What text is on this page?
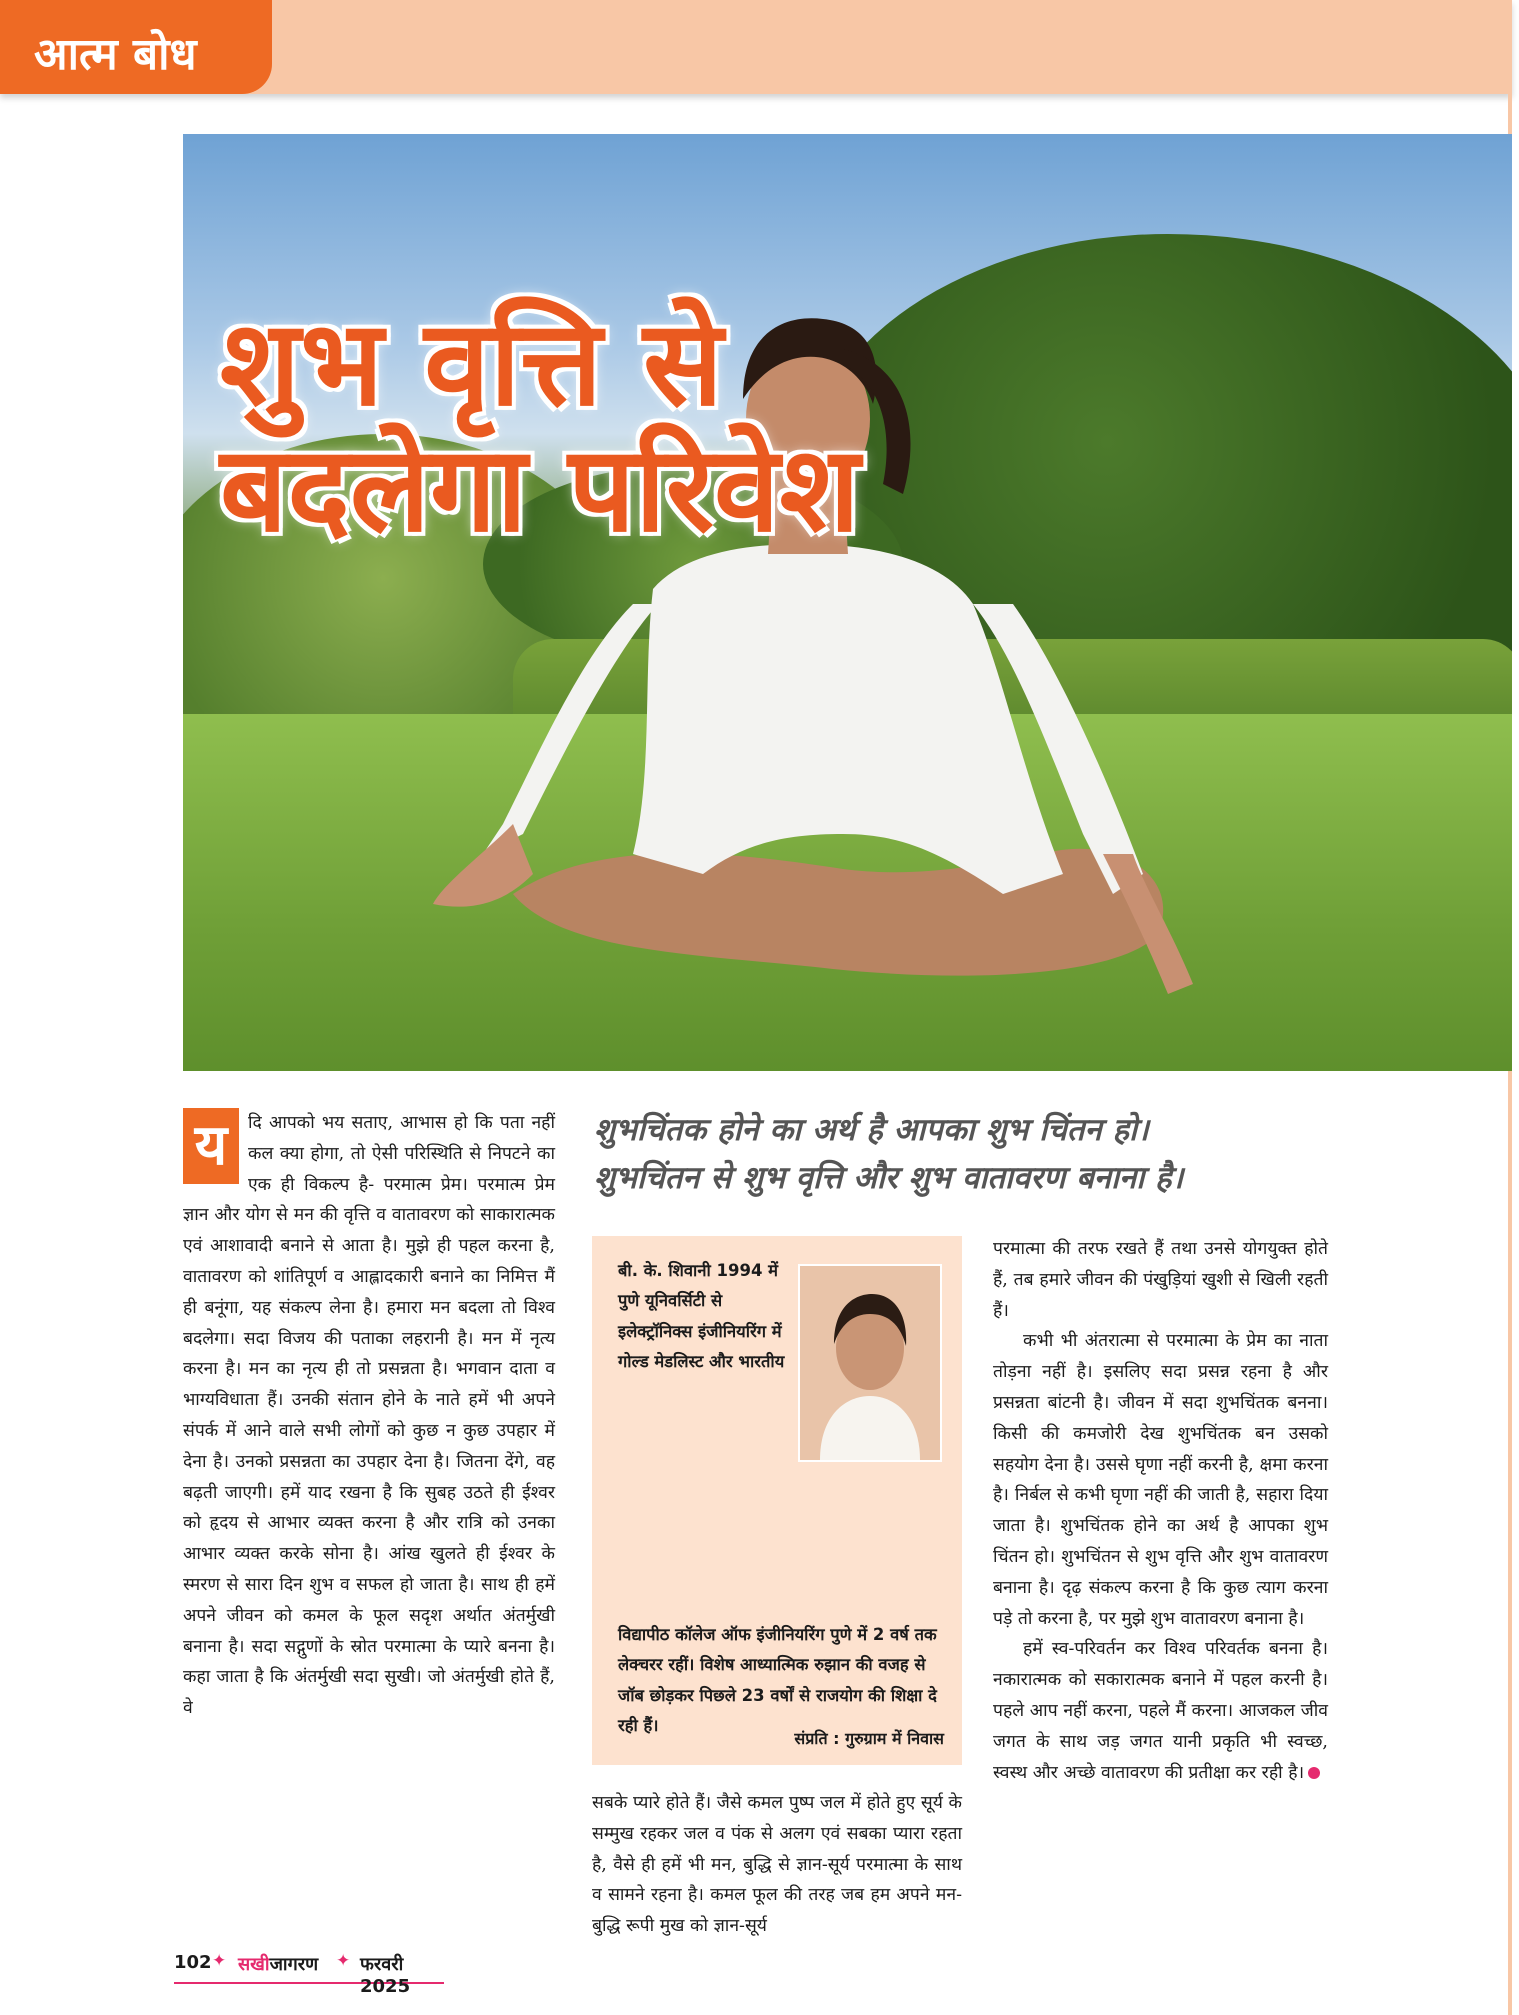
आत्म बोध
शुभ वृत्ति से
बदलेगा परिवेश
य	दि आपको भय सताए, आभास हो कि पता नहीं कल क्या होगा, तो ऐसी परिस्थिति से निपटने का एक ही विकल्प है- परमात्म प्रेम। परमात्म प्रेम ज्ञान और योग से मन की वृत्ति व वातावरण को साकारात्मक एवं आशावादी बनाने से आता है। मुझे ही पहल करना है, वातावरण को शांतिपूर्ण व आह्लादकारी बनाने का निमित्त मैं ही बनूंगा, यह संकल्प लेना है। हमारा मन बदला तो विश्व बदलेगा। सदा विजय की पताका लहरानी है। मन में नृत्य करना है। मन का नृत्य ही तो प्रसन्नता है। भगवान दाता व भाग्यविधाता हैं। उनकी संतान होने के नाते हमें भी अपने संपर्क में आने वाले सभी लोगों को कुछ न कुछ उपहार में देना है। उनको प्रसन्नता का उपहार देना है। जितना देंगे, वह बढ़ती जाएगी। हमें याद रखना है कि सुबह उठते ही ईश्वर को हृदय से आभार व्यक्त करना है और रात्रि को उनका आभार व्यक्त करके सोना है। आंख खुलते ही ईश्वर के स्मरण से सारा दिन शुभ व सफल हो जाता है। साथ ही हमें अपने जीवन को कमल के फूल सदृश अर्थात अंतर्मुखी बनाना है। सदा सद्गुणों के स्रोत परमात्मा के प्यारे बनना है। कहा जाता है कि अंतर्मुखी सदा सुखी। जो अंतर्मुखी होते हैं, वे

शुभचिंतक होने का अर्थ है आपका शुभ चिंतन हो।
शुभचिंतन से शुभ वृत्ति और शुभ वातावरण बनाना है।
बी. के. शिवानी 1994 में पुणे यूनिवर्सिटी से इलेक्ट्रॉनिक्स इंजीनियरिंग में गोल्ड मेडलिस्ट और भारतीय
विद्यापीठ कॉलेज ऑफ इंजीनियरिंग पुणे में 2 वर्ष तक लेक्चरर रहीं। विशेष आध्यात्मिक रुझान की वजह से जॉब छोड़कर पिछले 23 वर्षों से राजयोग की शिक्षा दे रही हैं।
संप्रति : गुरुग्राम में निवास

सबके प्यारे होते हैं। जैसे कमल पुष्प जल में होते हुए सूर्य के सम्मुख रहकर जल व पंक से अलग एवं सबका प्यारा रहता है, वैसे ही हमें भी मन, बुद्धि से ज्ञान-सूर्य परमात्मा के साथ व सामने रहना है। कमल फूल की तरह जब हम अपने मन-बुद्धि रूपी मुख को ज्ञान-सूर्य

परमात्मा की तरफ रखते हैं तथा उनसे योगयुक्त होते हैं, तब हमारे जीवन की पंखुड़ियां खुशी से खिली रहती हैं।

कभी भी अंतरात्मा से परमात्मा के प्रेम का नाता तोड़ना नहीं है। इसलिए सदा प्रसन्न रहना है और प्रसन्नता बांटनी है। जीवन में सदा शुभचिंतक बनना। किसी की कमजोरी देख शुभचिंतक बन उसको सहयोग देना है। उससे घृणा नहीं करनी है, क्षमा करना है। निर्बल से कभी घृणा नहीं की जाती है, सहारा दिया जाता है। शुभचिंतक होने का अर्थ है आपका शुभ चिंतन हो। शुभचिंतन से शुभ वृत्ति और शुभ वातावरण बनाना है। दृढ़ संकल्प करना है कि कुछ त्याग करना पड़े तो करना है, पर मुझे शुभ वातावरण बनाना है।

हमें स्व-परिवर्तन कर विश्व परिवर्तक बनना है। नकारात्मक को सकारात्मक बनाने में पहल करनी है। पहले आप नहीं करना, पहले मैं करना। आजकल जीव जगत के साथ जड़ जगत यानी प्रकृति भी स्वच्छ, स्वस्थ और अच्छे वातावरण की प्रतीक्षा कर रही है।

102 ✦ सखीजागरण ✦ फरवरी 2025
